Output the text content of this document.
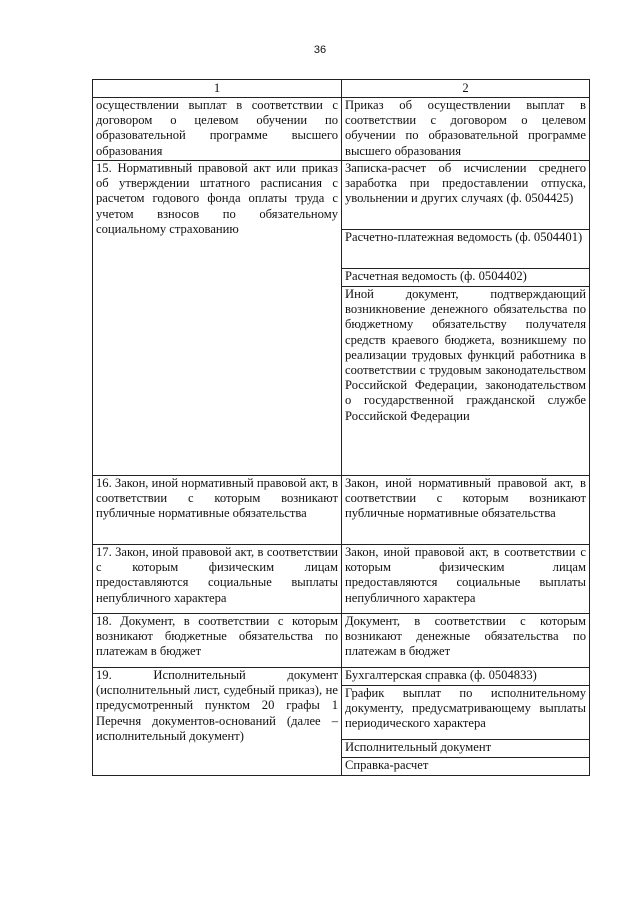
36
1	2
осуществлении выплат в соответствии с договором о целевом обучении по образовательной программе высшего образования	Приказ об осуществлении выплат в соответствии с договором о целевом обучении по образовательной программе высшего образования
15. Нормативный правовой акт или приказ об утверждении штатного расписания с расчетом годового фонда оплаты труда с учетом взносов по обязательному социальному страхованию	Записка-расчет об исчислении среднего заработка при предоставлении отпуска, увольнении и других случаях (ф. 0504425)
	Расчетно-платежная ведомость (ф. 0504401)
	Расчетная ведомость (ф. 0504402)
	Иной документ, подтверждающий возникновение денежного обязательства по бюджетному обязательству получателя средств краевого бюджета, возникшему по реализации трудовых функций работника в соответствии с трудовым законодательством Российской Федерации, законодательством о государственной гражданской службе Российской Федерации
16. Закон, иной нормативный правовой акт, в соответствии с которым возникают публичные нормативные обязательства	Закон, иной нормативный правовой акт, в соответствии с которым возникают публичные нормативные обязательства
17. Закон, иной правовой акт, в соответствии с которым физическим лицам предоставляются социальные выплаты непубличного характера	Закон, иной правовой акт, в соответствии с которым физическим лицам предоставляются социальные выплаты непубличного характера
18. Документ, в соответствии с которым возникают бюджетные обязательства по платежам в бюджет	Документ, в соответствии с которым возникают денежные обязательства по платежам в бюджет
19. Исполнительный документ (исполнительный лист, судебный приказ), не предусмотренный пунктом 20 графы 1 Перечня документов-оснований (далее – исполнительный документ)	Бухгалтерская справка (ф. 0504833)
	График выплат по исполнительному документу, предусматривающему выплаты периодического характера
	Исполнительный документ
	Справка-расчет
